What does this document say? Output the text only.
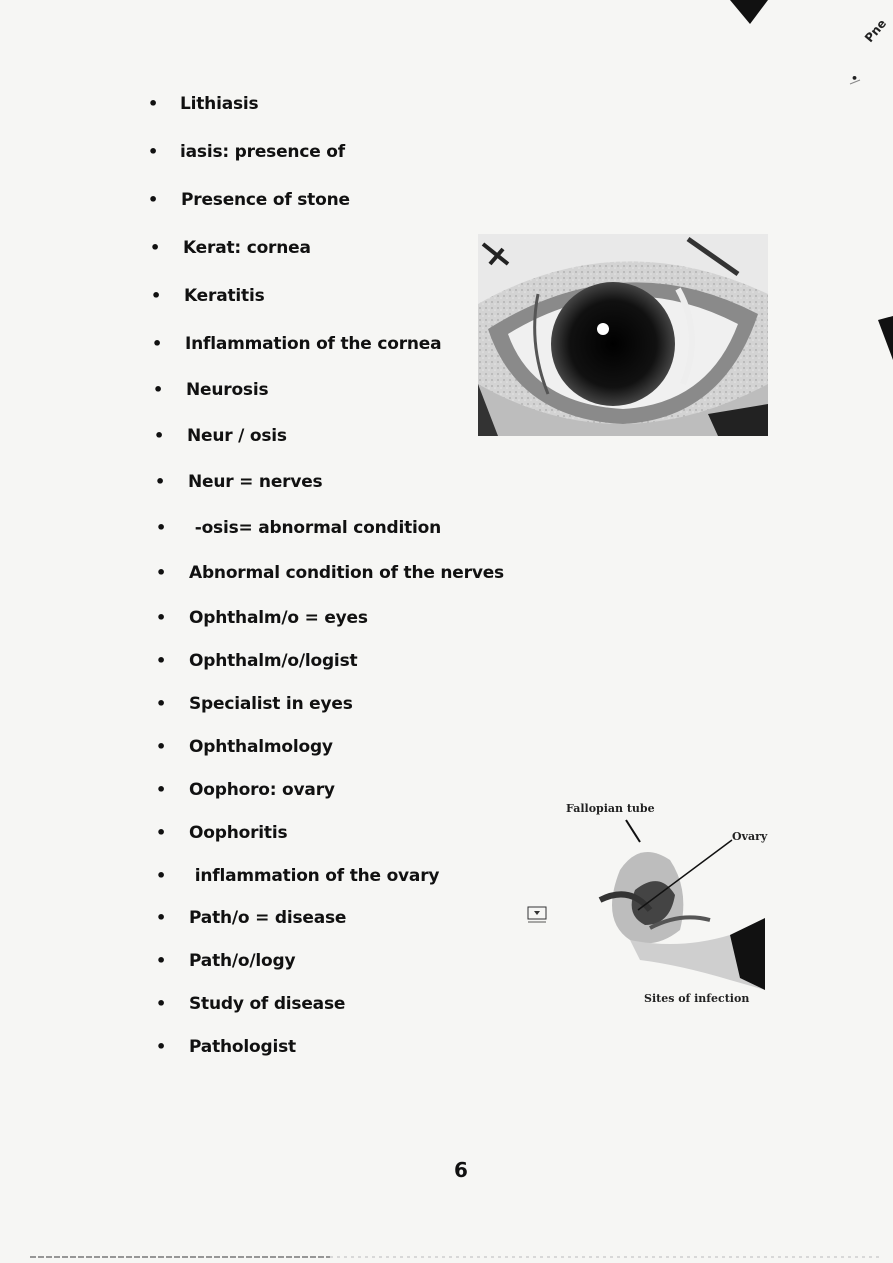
Pne
•
• Lithiasis
• iasis: presence of
• Presence of stone
• Kerat: cornea
• Keratitis
• Inflammation of the cornea
• Neurosis
• Neur / osis
• Neur = nerves
• -osis= abnormal condition
• Abnormal condition of the nerves
• Ophthalm/o = eyes
• Ophthalm/o/logist
• Specialist in eyes
• Ophthalmology
• Oophoro: ovary
• Oophoritis
• inflammation of the ovary
• Path/o = disease
• Path/o/logy
• Study of disease
• Pathologist
Fallopian tube
Ovary
Sites of infection
6
